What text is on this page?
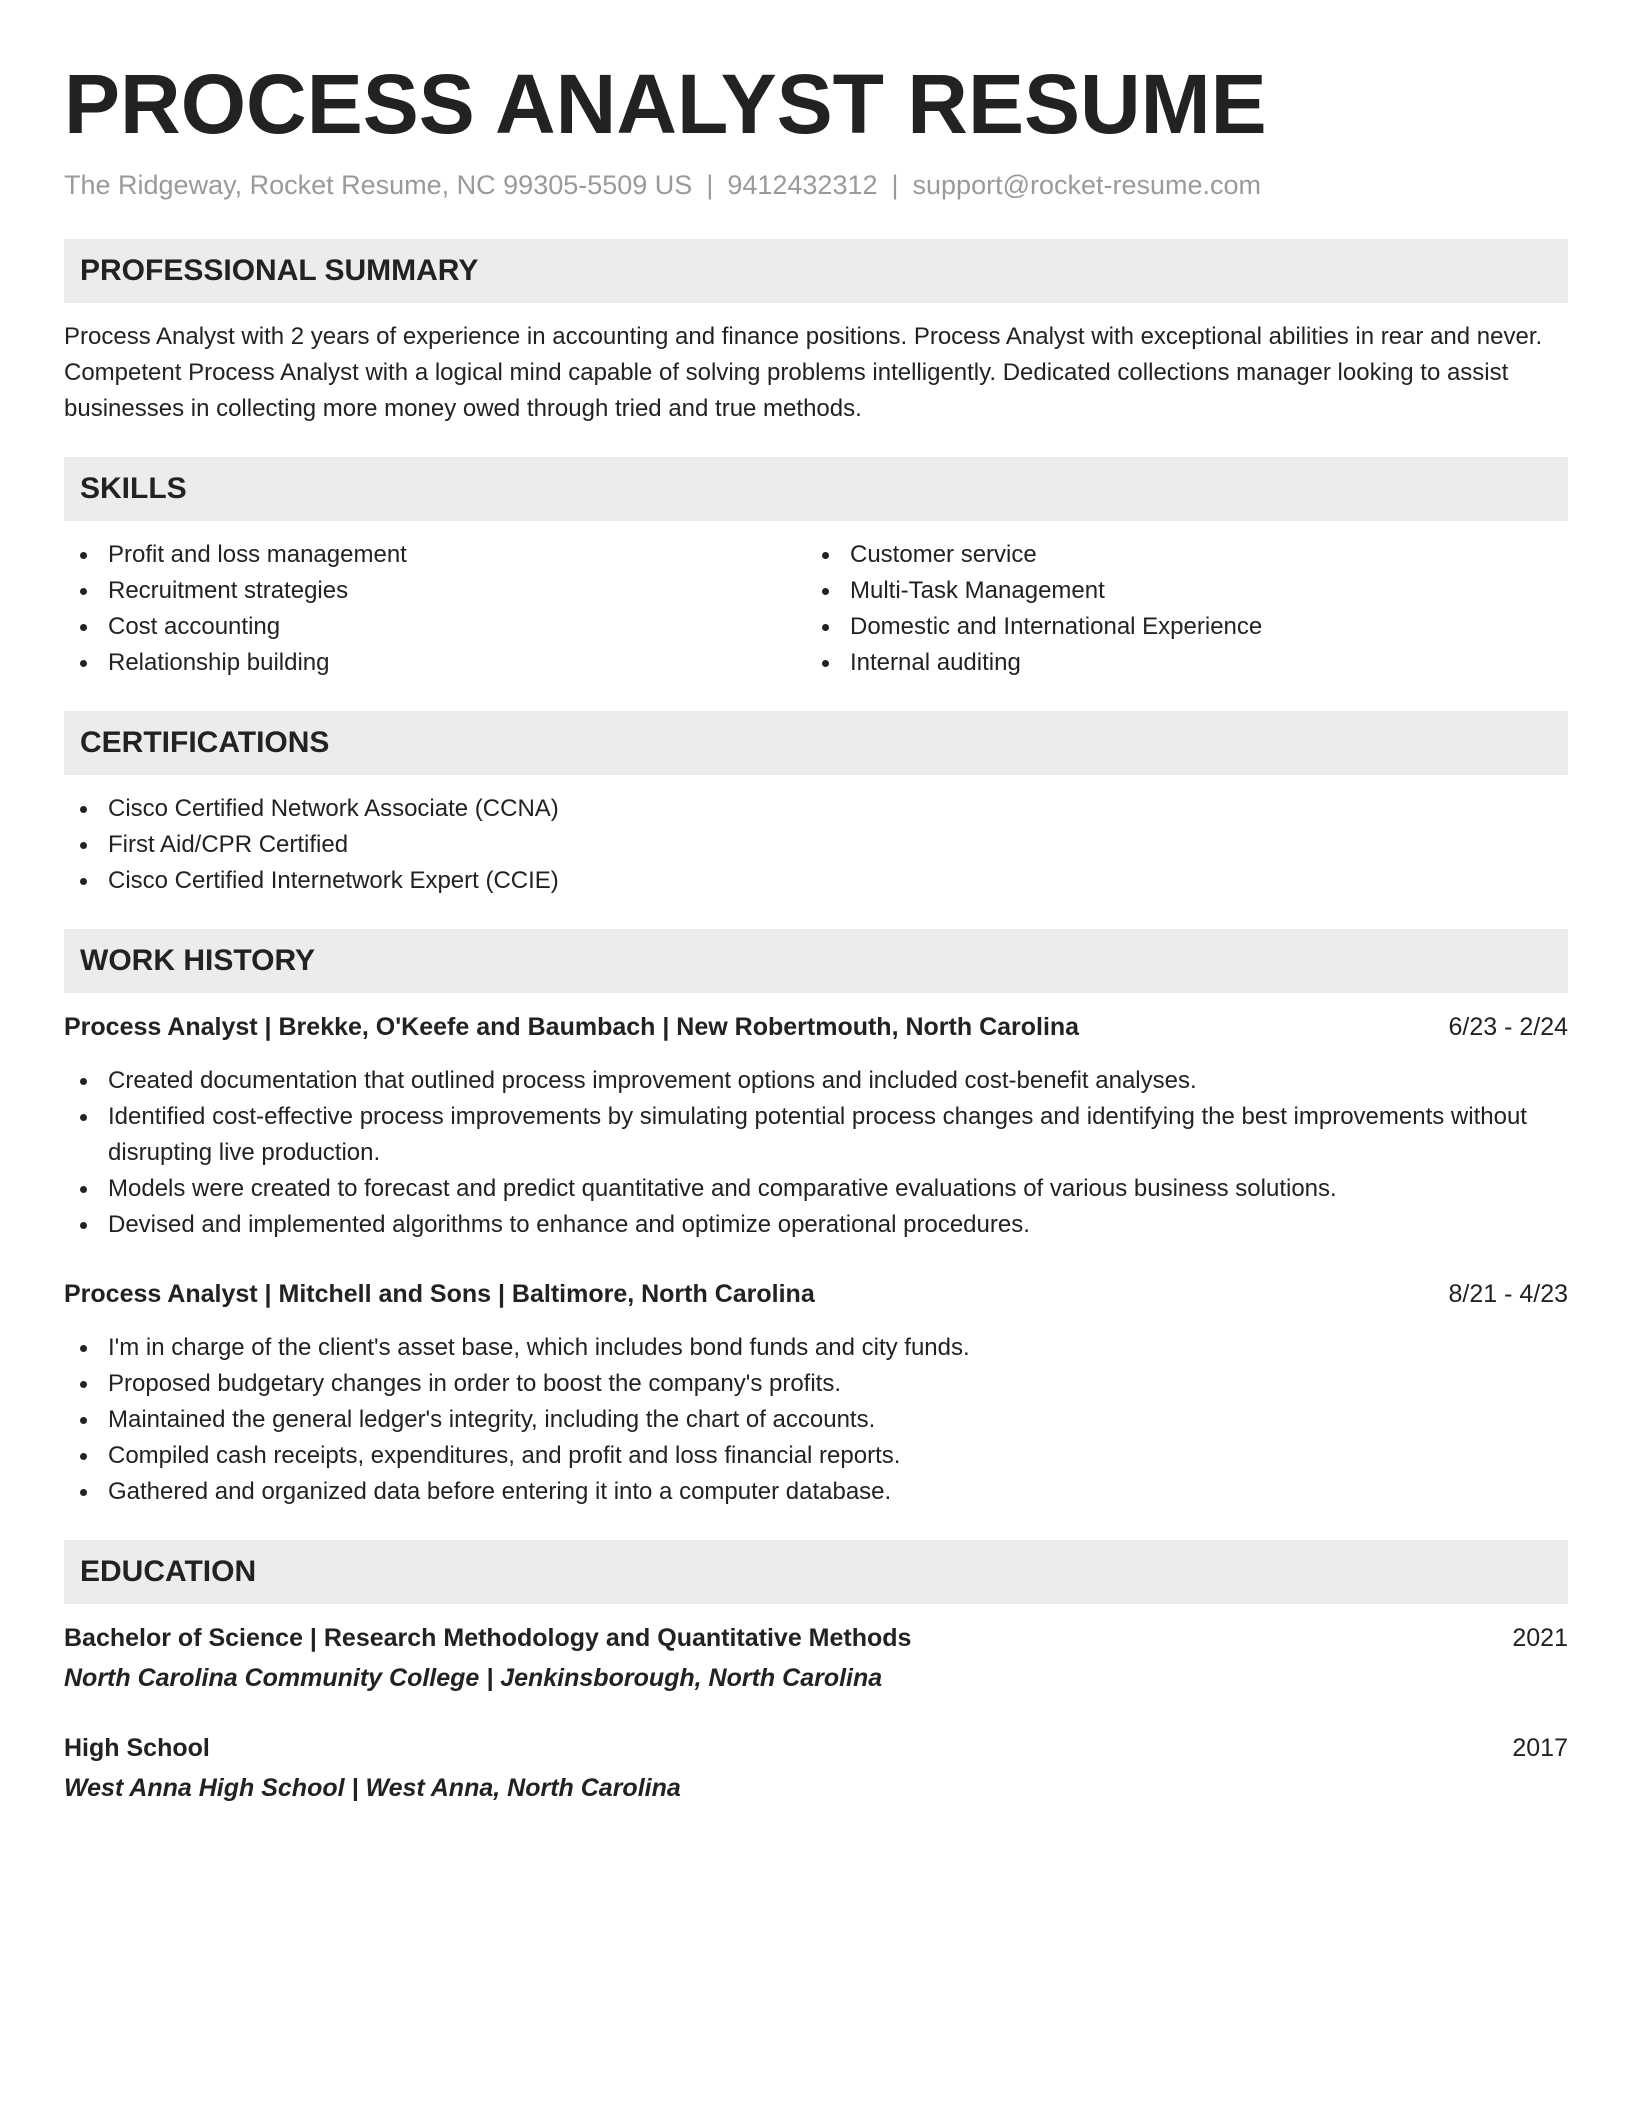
PROCESS ANALYST RESUME
The Ridgeway, Rocket Resume, NC 99305-5509 US | 9412432312 | support@rocket-resume.com
PROFESSIONAL SUMMARY
Process Analyst with 2 years of experience in accounting and finance positions. Process Analyst with exceptional abilities in rear and never. Competent Process Analyst with a logical mind capable of solving problems intelligently. Dedicated collections manager looking to assist businesses in collecting more money owed through tried and true methods.
SKILLS
Profit and loss management
Recruitment strategies
Cost accounting
Relationship building
Customer service
Multi-Task Management
Domestic and International Experience
Internal auditing
CERTIFICATIONS
Cisco Certified Network Associate (CCNA)
First Aid/CPR Certified
Cisco Certified Internetwork Expert (CCIE)
WORK HISTORY
Process Analyst | Brekke, O'Keefe and Baumbach | New Robertmouth, North Carolina	6/23 - 2/24
Created documentation that outlined process improvement options and included cost-benefit analyses.
Identified cost-effective process improvements by simulating potential process changes and identifying the best improvements without disrupting live production.
Models were created to forecast and predict quantitative and comparative evaluations of various business solutions.
Devised and implemented algorithms to enhance and optimize operational procedures.
Process Analyst | Mitchell and Sons | Baltimore, North Carolina	8/21 - 4/23
I'm in charge of the client's asset base, which includes bond funds and city funds.
Proposed budgetary changes in order to boost the company's profits.
Maintained the general ledger's integrity, including the chart of accounts.
Compiled cash receipts, expenditures, and profit and loss financial reports.
Gathered and organized data before entering it into a computer database.
EDUCATION
Bachelor of Science | Research Methodology and Quantitative Methods	2021
North Carolina Community College | Jenkinsborough, North Carolina
High School	2017
West Anna High School | West Anna, North Carolina
